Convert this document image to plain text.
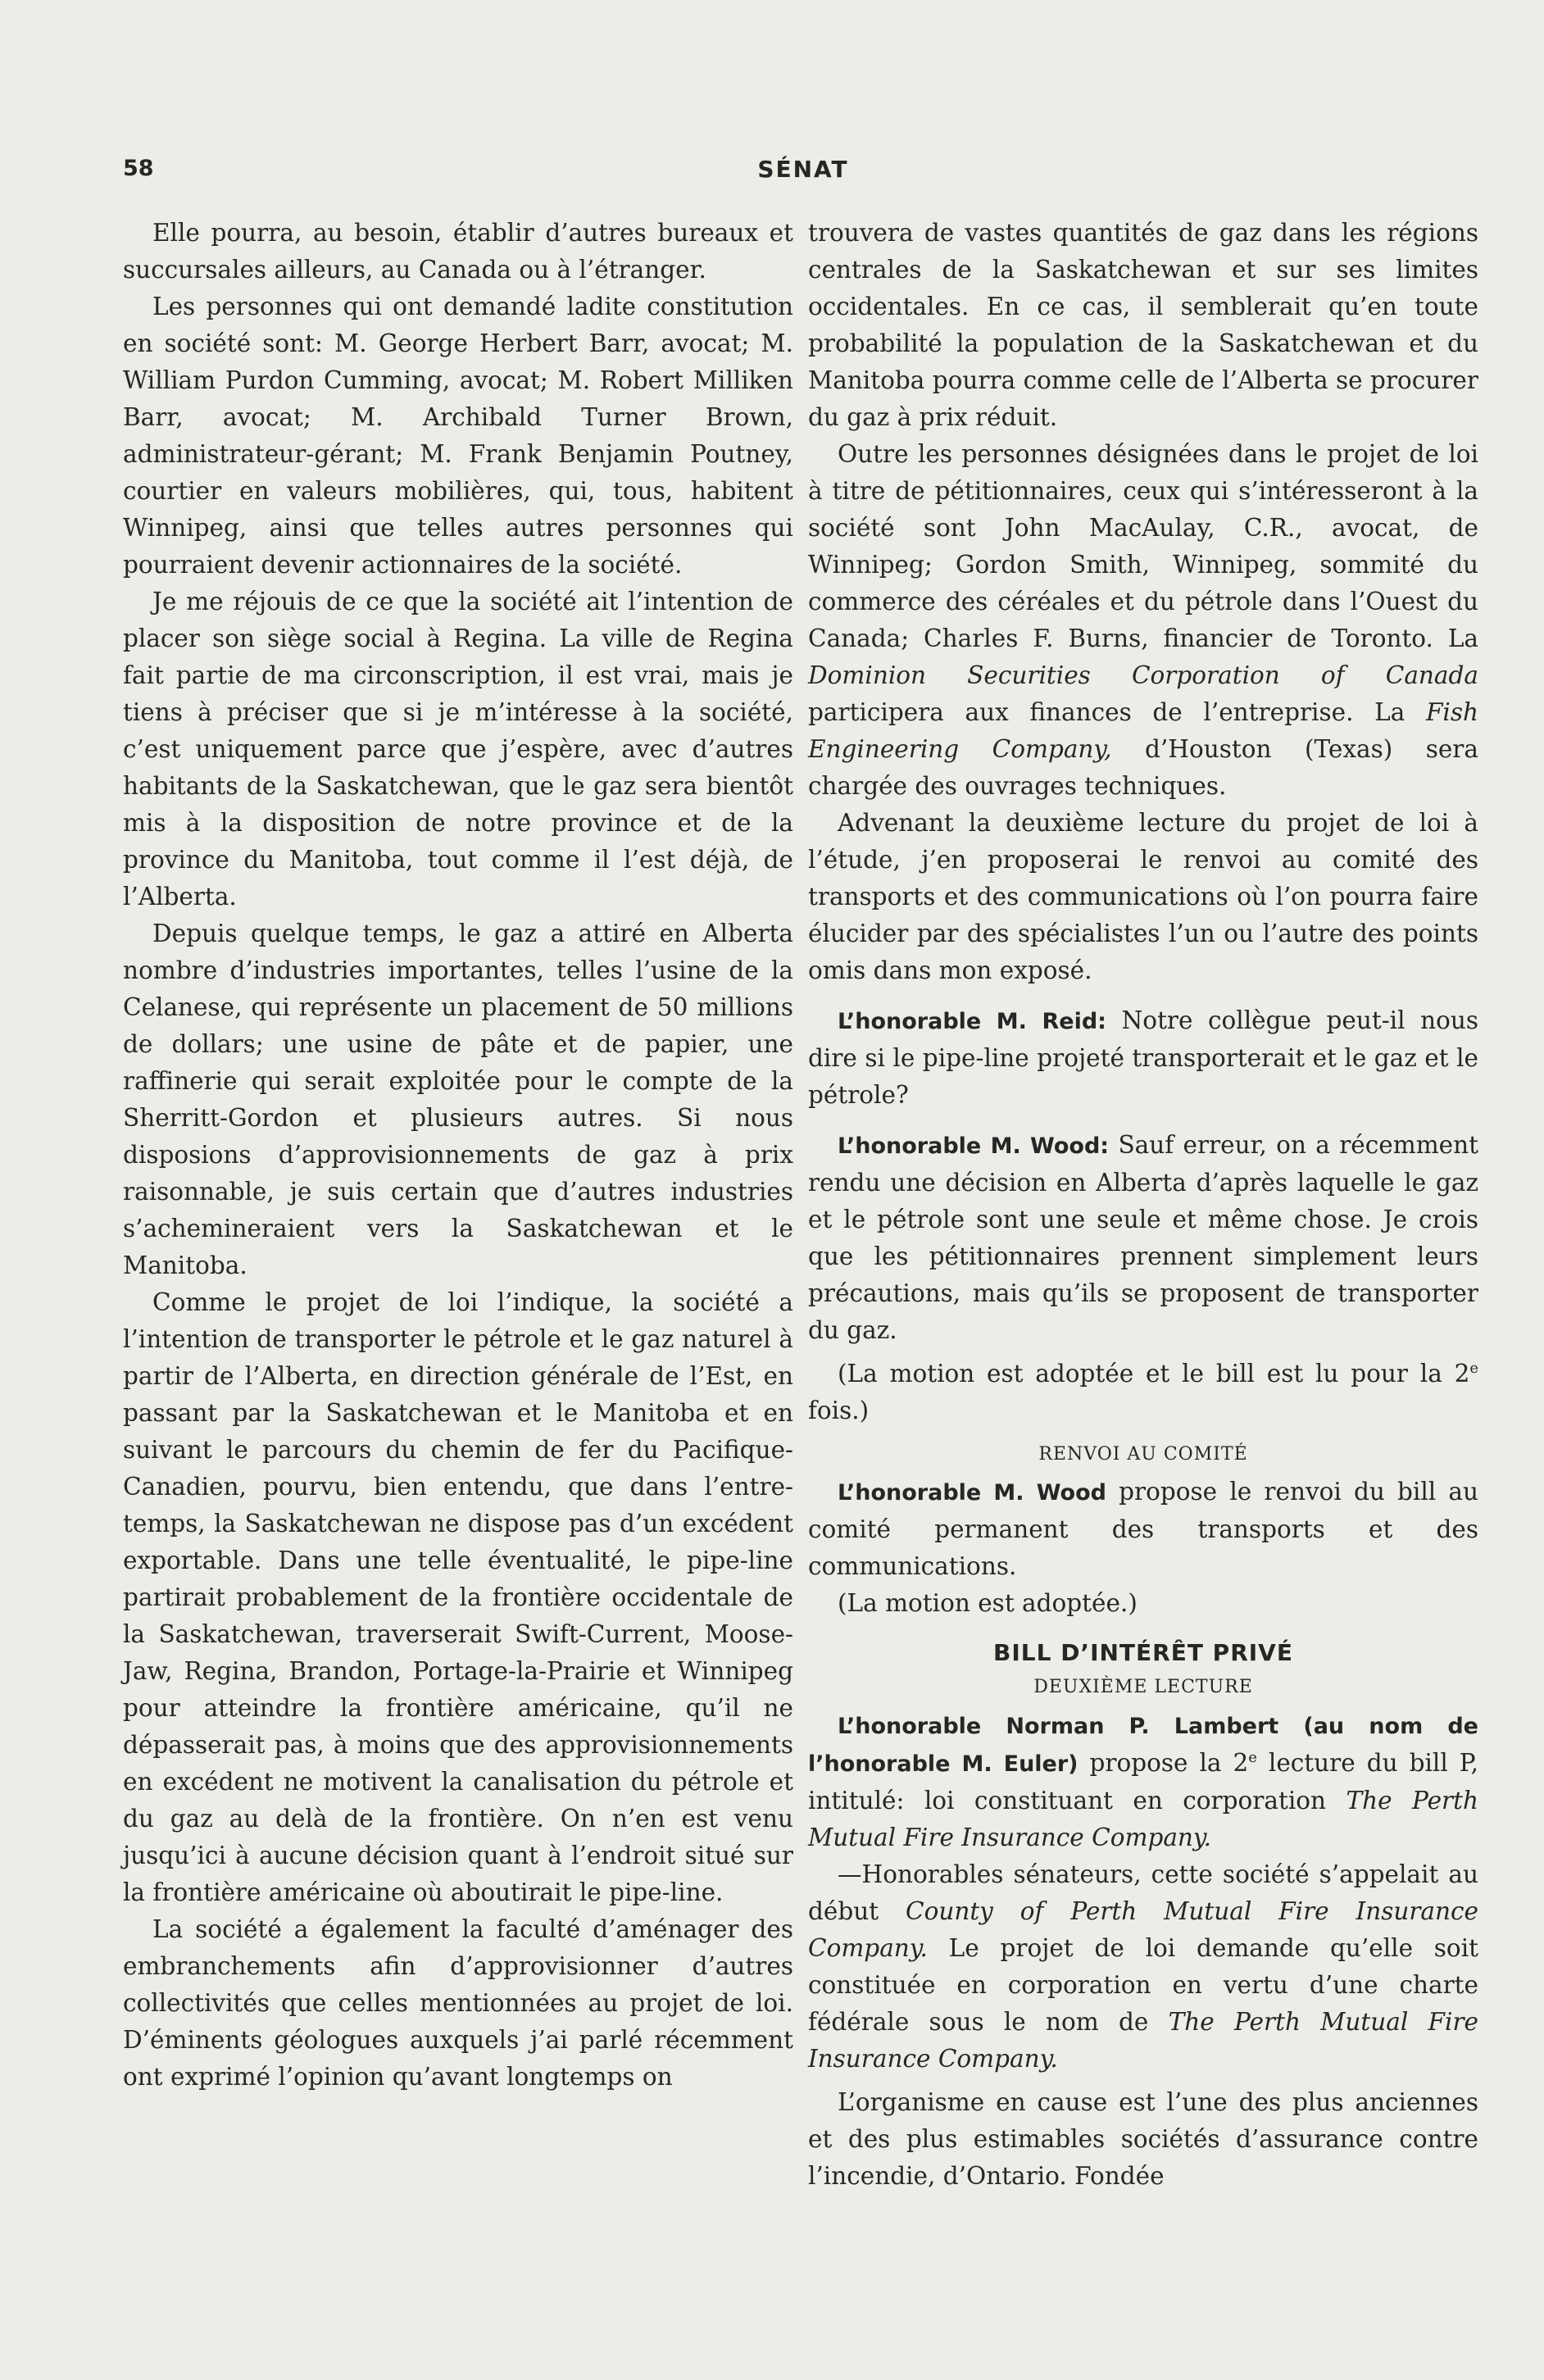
58	SÉNAT

Elle pourra, au besoin, établir d’autres bureaux et succursales ailleurs, au Canada ou à l’étranger.

Les personnes qui ont demandé ladite constitution en société sont: M. George Herbert Barr, avocat; M. William Purdon Cumming, avocat; M. Robert Milliken Barr, avocat; M. Archibald Turner Brown, administrateur-gérant; M. Frank Benjamin Poutney, courtier en valeurs mobilières, qui, tous, habitent Winnipeg, ainsi que telles autres personnes qui pourraient devenir actionnaires de la société.

Je me réjouis de ce que la société ait l’intention de placer son siège social à Regina. La ville de Regina fait partie de ma circonscription, il est vrai, mais je tiens à préciser que si je m’intéresse à la société, c’est uniquement parce que j’espère, avec d’autres habitants de la Saskatchewan, que le gaz sera bientôt mis à la disposition de notre province et de la province du Manitoba, tout comme il l’est déjà, de l’Alberta.

Depuis quelque temps, le gaz a attiré en Alberta nombre d’industries importantes, telles l’usine de la Celanese, qui représente un placement de 50 millions de dollars; une usine de pâte et de papier, une raffinerie qui serait exploitée pour le compte de la Sherritt-Gordon et plusieurs autres. Si nous disposions d’approvisionnements de gaz à prix raisonnable, je suis certain que d’autres industries s’achemineraient vers la Saskatchewan et le Manitoba.

Comme le projet de loi l’indique, la société a l’intention de transporter le pétrole et le gaz naturel à partir de l’Alberta, en direction générale de l’Est, en passant par la Saskatchewan et le Manitoba et en suivant le parcours du chemin de fer du Pacifique-Canadien, pourvu, bien entendu, que dans l’entre-temps, la Saskatchewan ne dispose pas d’un excédent exportable. Dans une telle éventualité, le pipe-line partirait probablement de la frontière occidentale de la Saskatchewan, traverserait Swift-Current, Moose-Jaw, Regina, Brandon, Portage-la-Prairie et Winnipeg pour atteindre la frontière américaine, qu’il ne dépasserait pas, à moins que des approvisionnements en excédent ne motivent la canalisation du pétrole et du gaz au delà de la frontière. On n’en est venu jusqu’ici à aucune décision quant à l’endroit situé sur la frontière américaine où aboutirait le pipe-line.

La société a également la faculté d’aménager des embranchements afin d’approvisionner d’autres collectivités que celles mentionnées au projet de loi. D’éminents géologues auxquels j’ai parlé récemment ont exprimé l’opinion qu’avant longtemps on

trouvera de vastes quantités de gaz dans les régions centrales de la Saskatchewan et sur ses limites occidentales. En ce cas, il semblerait qu’en toute probabilité la population de la Saskatchewan et du Manitoba pourra comme celle de l’Alberta se procurer du gaz à prix réduit.

Outre les personnes désignées dans le projet de loi à titre de pétitionnaires, ceux qui s’intéresseront à la société sont John MacAulay, C.R., avocat, de Winnipeg; Gordon Smith, Winnipeg, sommité du commerce des céréales et du pétrole dans l’Ouest du Canada; Charles F. Burns, financier de Toronto. La Dominion Securities Corporation of Canada participera aux finances de l’entreprise. La Fish Engineering Company, d’Houston (Texas) sera chargée des ouvrages techniques.

Advenant la deuxième lecture du projet de loi à l’étude, j’en proposerai le renvoi au comité des transports et des communications où l’on pourra faire élucider par des spécialistes l’un ou l’autre des points omis dans mon exposé.

L’honorable M. Reid: Notre collègue peut-il nous dire si le pipe-line projeté transporterait et le gaz et le pétrole?

L’honorable M. Wood: Sauf erreur, on a récemment rendu une décision en Alberta d’après laquelle le gaz et le pétrole sont une seule et même chose. Je crois que les pétitionnaires prennent simplement leurs précautions, mais qu’ils se proposent de transporter du gaz.

(La motion est adoptée et le bill est lu pour la 2e fois.)

RENVOI AU COMITÉ

L’honorable M. Wood propose le renvoi du bill au comité permanent des transports et des communications.

(La motion est adoptée.)

BILL D’INTÉRÊT PRIVÉ
DEUXIÈME LECTURE

L’honorable Norman P. Lambert (au nom de l’honorable M. Euler) propose la 2e lecture du bill P, intitulé: loi constituant en corporation The Perth Mutual Fire Insurance Company.

—Honorables sénateurs, cette société s’appelait au début County of Perth Mutual Fire Insurance Company. Le projet de loi demande qu’elle soit constituée en corporation en vertu d’une charte fédérale sous le nom de The Perth Mutual Fire Insurance Company.

L’organisme en cause est l’une des plus anciennes et des plus estimables sociétés d’assurance contre l’incendie, d’Ontario. Fondée
